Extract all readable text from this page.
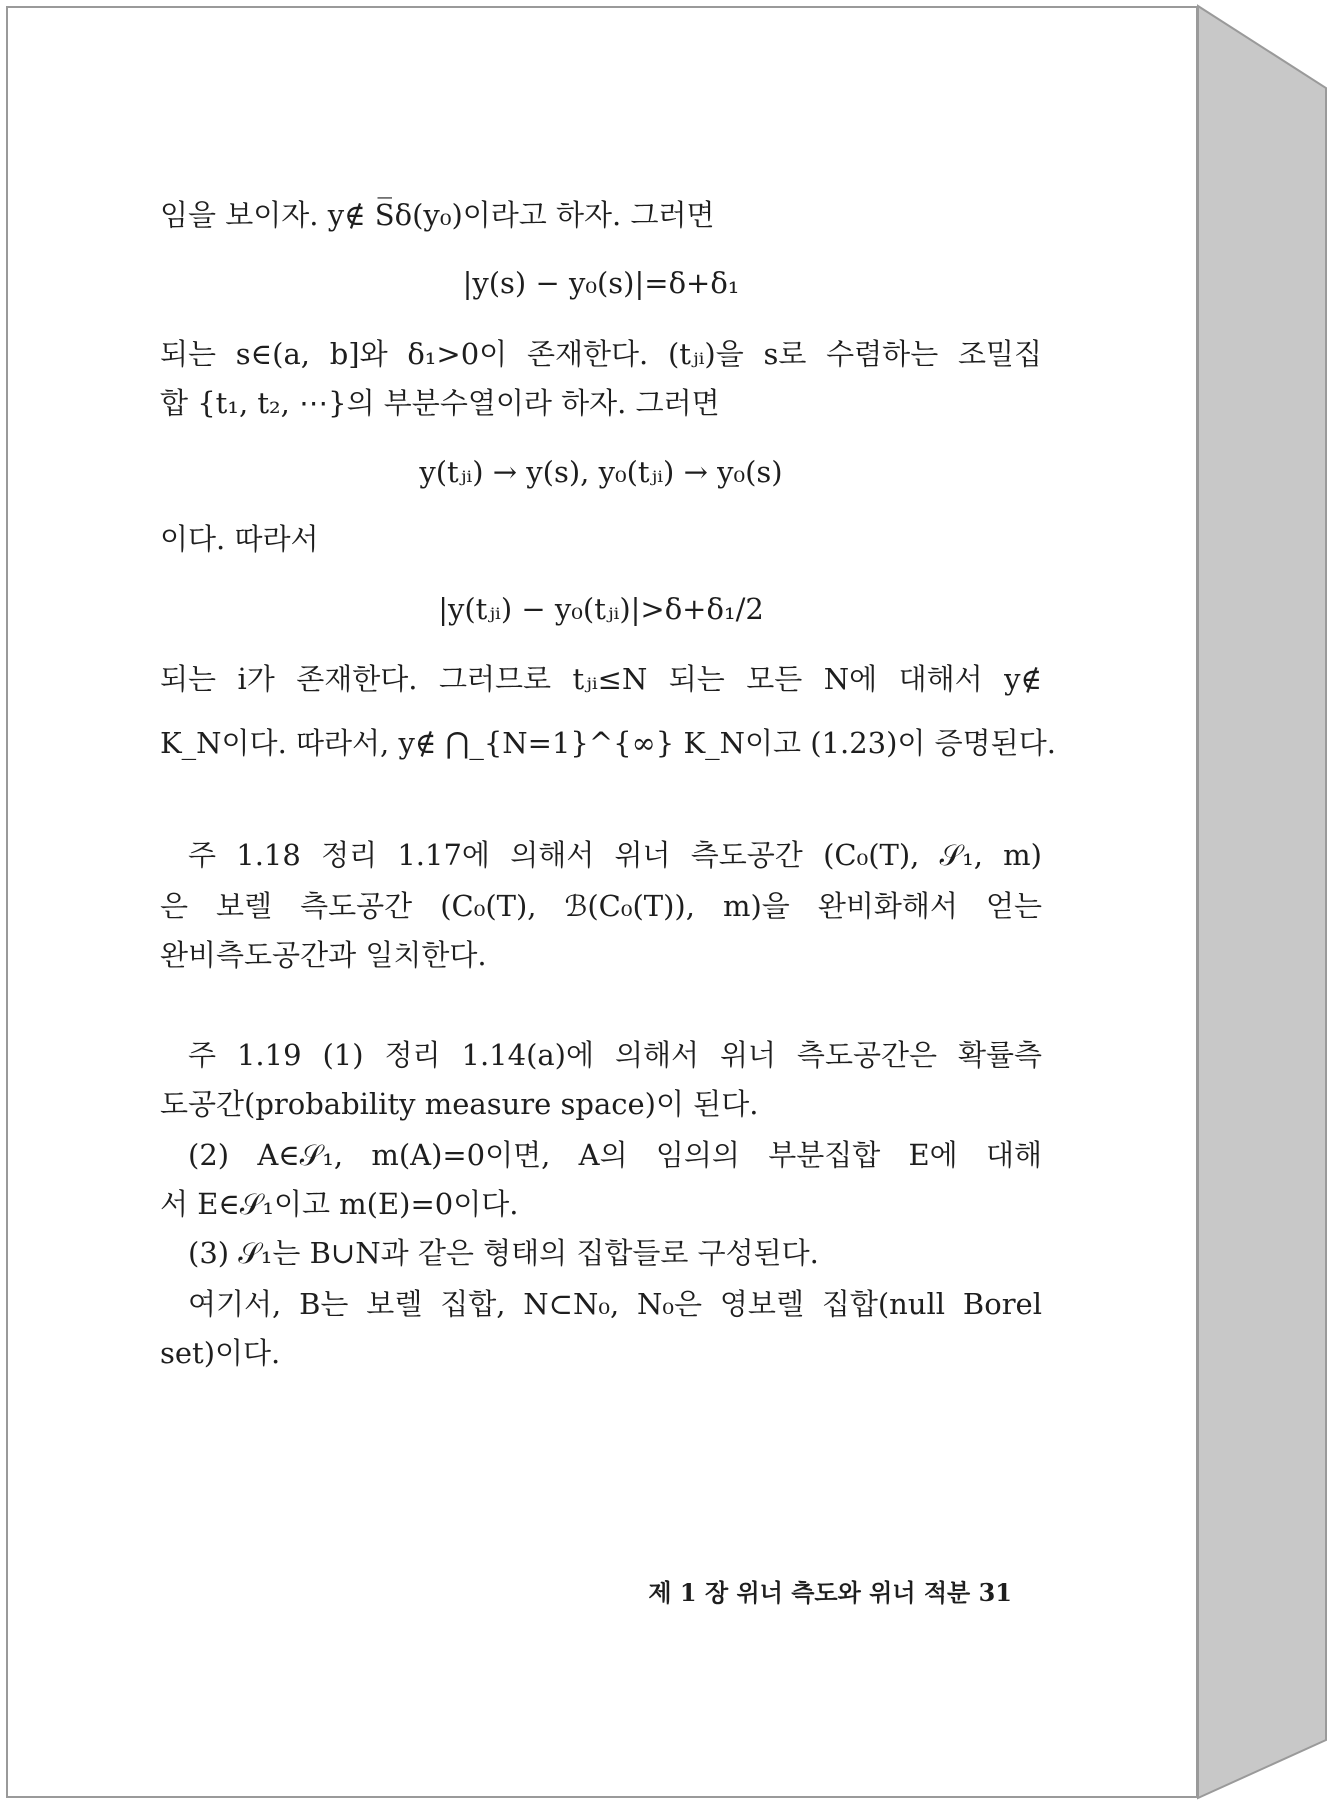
임을 보이자. y∉ S̅δ(y₀)이라고 하자. 그러면
|y(s) − y₀(s)|=δ+δ₁
되는 s∈(a, b]와 δ₁>0이 존재한다. (tⱼᵢ)을 s로 수렴하는 조밀집
합 {t₁, t₂, ⋯}의 부분수열이라 하자. 그러면
y(tⱼᵢ) → y(s), y₀(tⱼᵢ) → y₀(s)
이다. 따라서
|y(tⱼᵢ) − y₀(tⱼᵢ)|>δ+δ₁/2
되는 i가 존재한다. 그러므로 tⱼᵢ≤N 되는 모든 N에 대해서 y∉
K_N이다. 따라서, y∉ ⋂_{N=1}^{∞} K_N이고 (1.23)이 증명된다.
주 1.18 정리 1.17에 의해서 위너 측도공간 (C₀(T), 𝒮₁, m)
은 보렐 측도공간 (C₀(T), ℬ(C₀(T)), m)을 완비화해서 얻는
완비측도공간과 일치한다.
주 1.19 (1) 정리 1.14(a)에 의해서 위너 측도공간은 확률측
도공간(probability measure space)이 된다.
(2) A∈𝒮₁, m(A)=0이면, A의 임의의 부분집합 E에 대해
서 E∈𝒮₁이고 m(E)=0이다.
(3) 𝒮₁는 B∪N과 같은 형태의 집합들로 구성된다.
여기서, B는 보렐 집합, N⊂N₀, N₀은 영보렐 집합(null Borel
set)이다.
제 1 장 위너 측도와 위너 적분 31
